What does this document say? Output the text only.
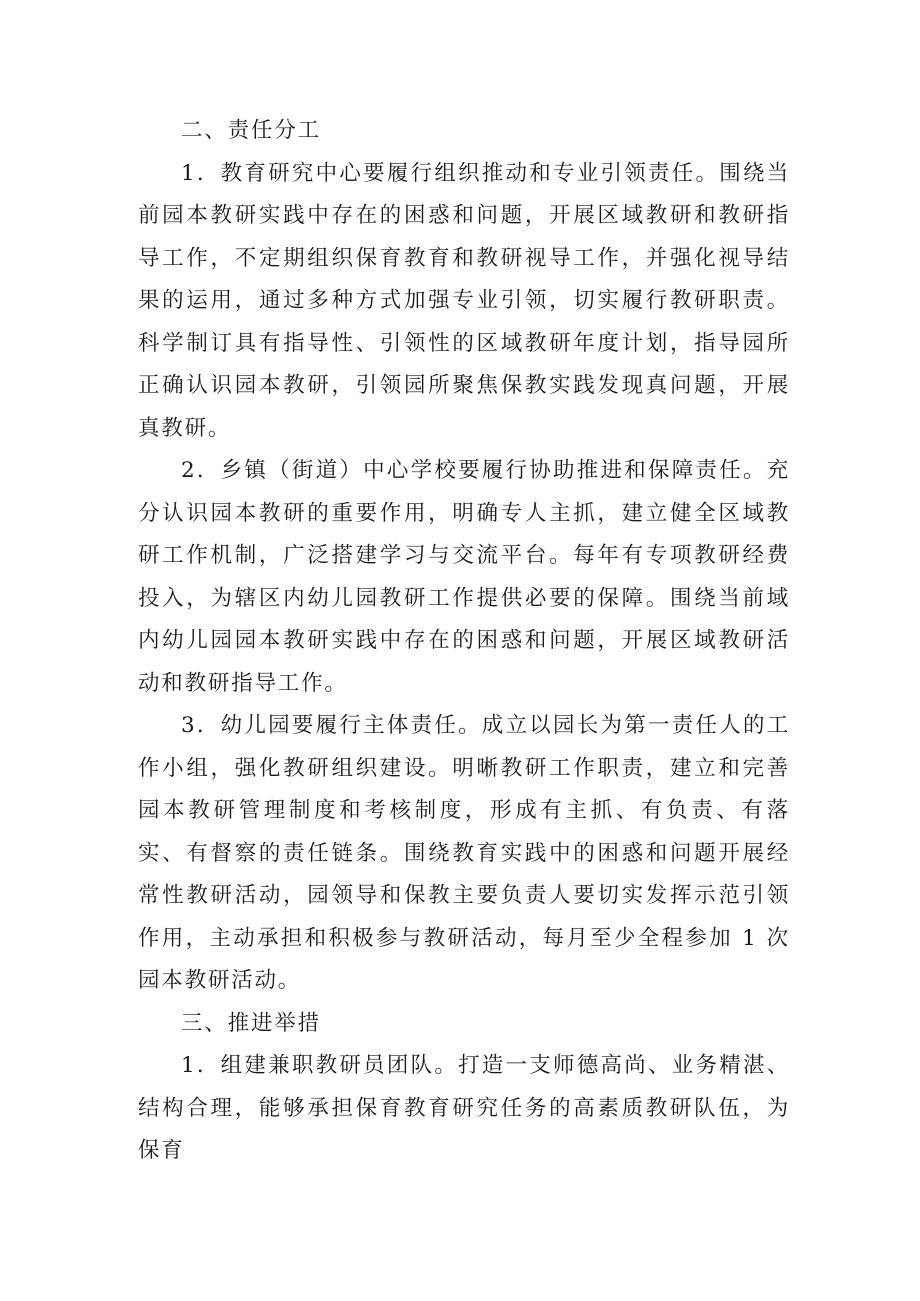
二、责任分工

1．教育研究中心要履行组织推动和专业引领责任。围绕当前园本教研实践中存在的困惑和问题，开展区域教研和教研指导工作，不定期组织保育教育和教研视导工作，并强化视导结果的运用，通过多种方式加强专业引领，切实履行教研职责。科学制订具有指导性、引领性的区域教研年度计划，指导园所正确认识园本教研，引领园所聚焦保教实践发现真问题，开展真教研。

2．乡镇（街道）中心学校要履行协助推进和保障责任。充分认识园本教研的重要作用，明确专人主抓，建立健全区域教研工作机制，广泛搭建学习与交流平台。每年有专项教研经费投入，为辖区内幼儿园教研工作提供必要的保障。围绕当前域内幼儿园园本教研实践中存在的困惑和问题，开展区域教研活动和教研指导工作。

3．幼儿园要履行主体责任。成立以园长为第一责任人的工作小组，强化教研组织建设。明晰教研工作职责，建立和完善园本教研管理制度和考核制度，形成有主抓、有负责、有落实、有督察的责任链条。围绕教育实践中的困惑和问题开展经常性教研活动，园领导和保教主要负责人要切实发挥示范引领作用，主动承担和积极参与教研活动，每月至少全程参加 1 次园本教研活动。

三、推进举措

1．组建兼职教研员团队。打造一支师德高尚、业务精湛、结构合理，能够承担保育教育研究任务的高素质教研队伍，为保育
